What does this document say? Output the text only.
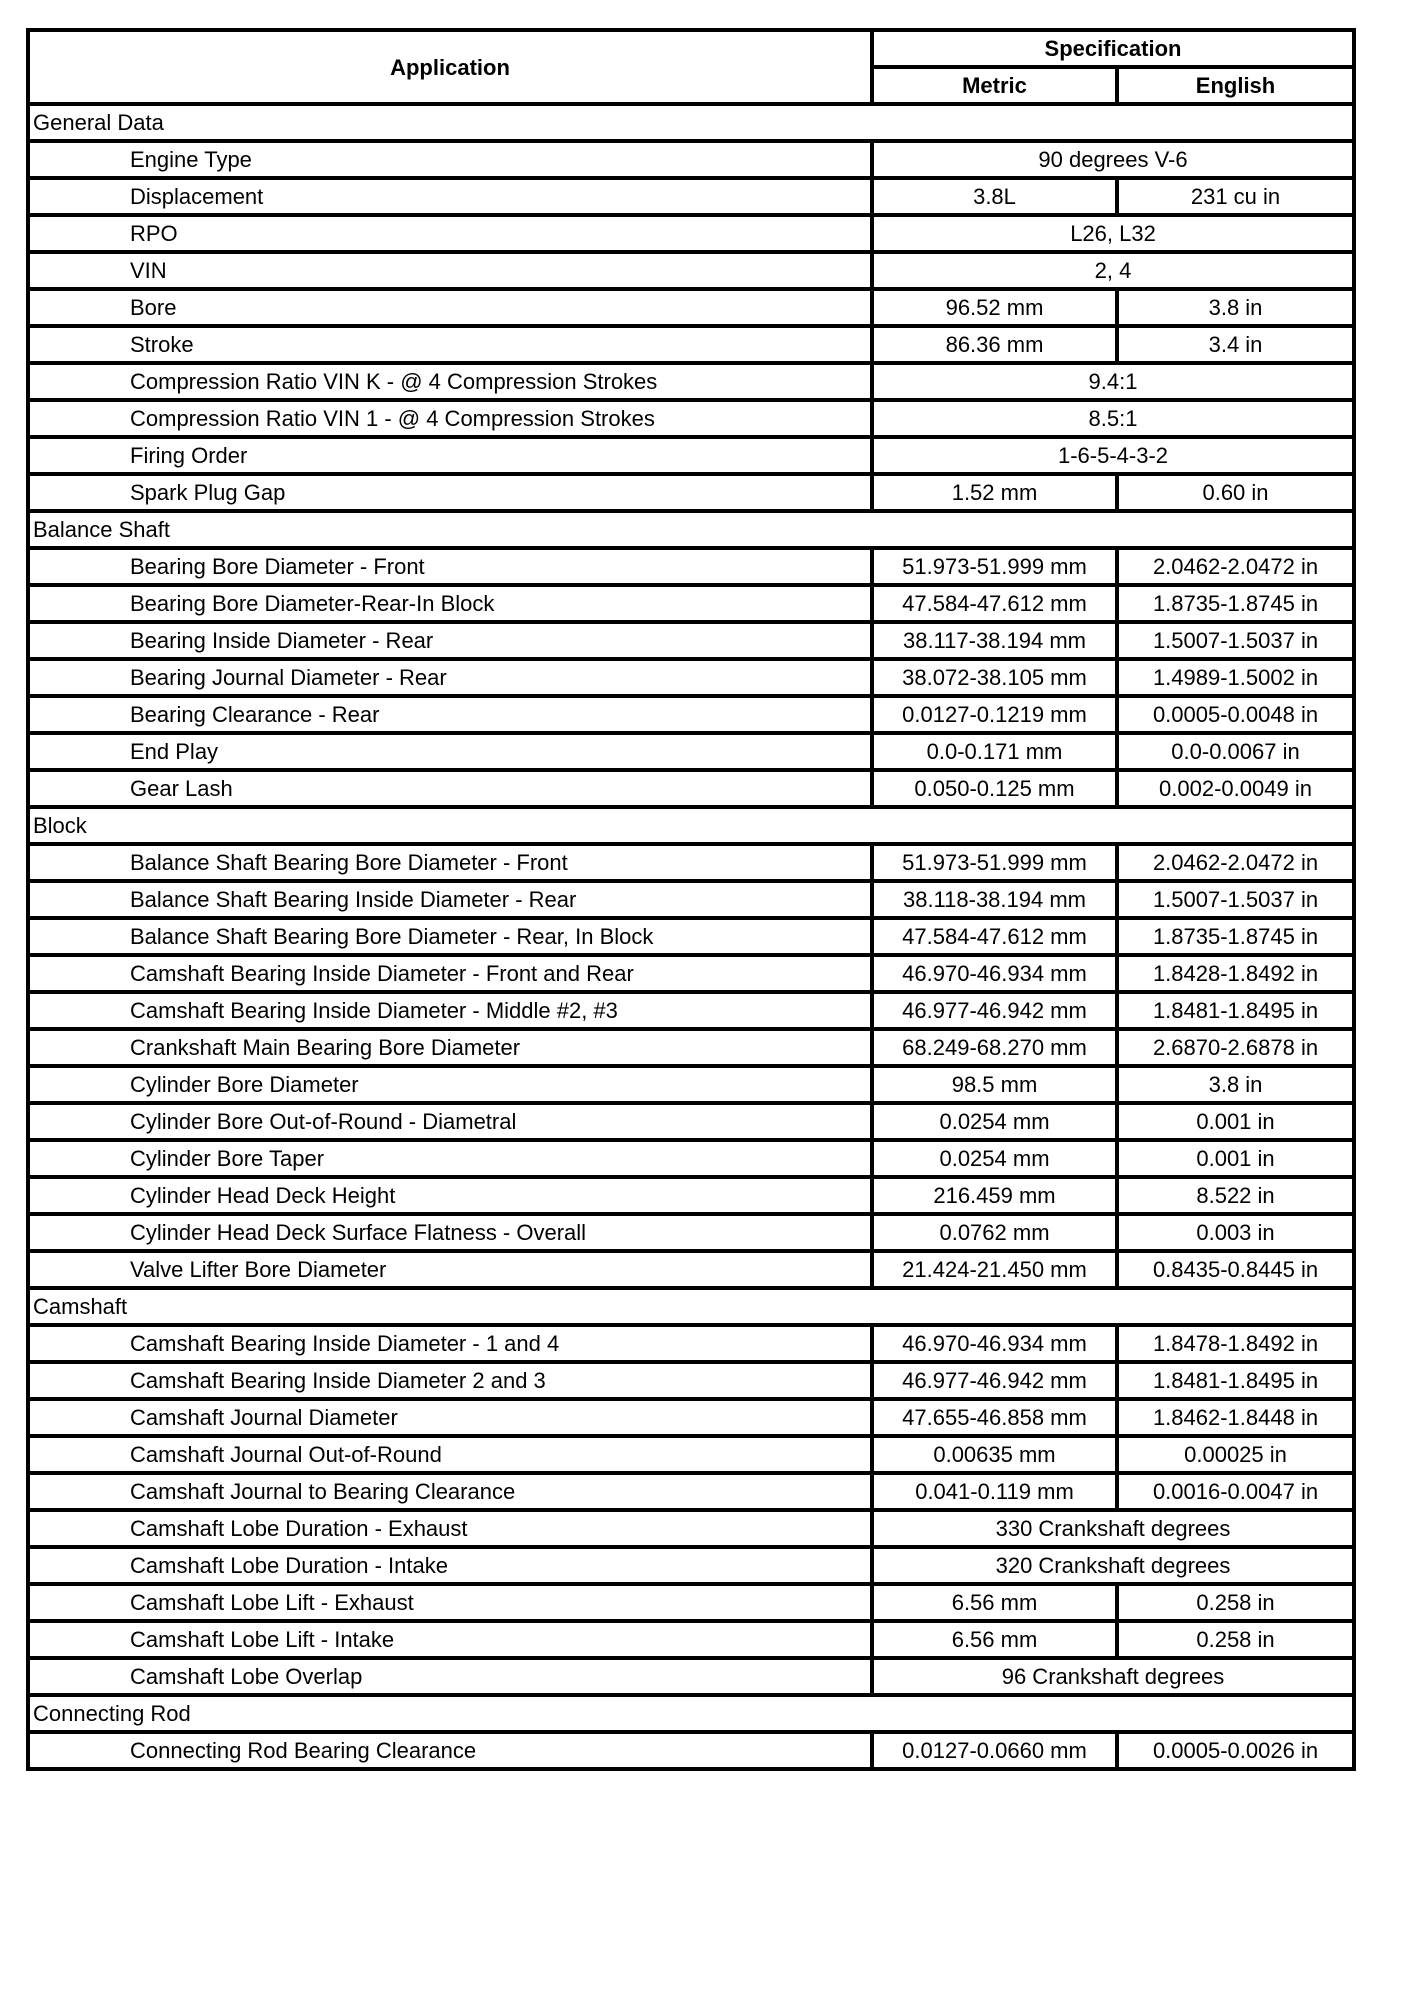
Application	Specification	
	Metric	English
General Data		
Engine Type	90 degrees V-6	
Displacement	3.8L	231 cu in
RPO	L26, L32	
VIN	2, 4	
Bore	96.52 mm	3.8 in
Stroke	86.36 mm	3.4 in
Compression Ratio VIN K - @ 4 Compression Strokes	9.4:1	
Compression Ratio VIN 1 - @ 4 Compression Strokes	8.5:1	
Firing Order	1-6-5-4-3-2	
Spark Plug Gap	1.52 mm	0.60 in
Balance Shaft		
Bearing Bore Diameter - Front	51.973-51.999 mm	2.0462-2.0472 in
Bearing Bore Diameter-Rear-In Block	47.584-47.612 mm	1.8735-1.8745 in
Bearing Inside Diameter - Rear	38.117-38.194 mm	1.5007-1.5037 in
Bearing Journal Diameter - Rear	38.072-38.105 mm	1.4989-1.5002 in
Bearing Clearance - Rear	0.0127-0.1219 mm	0.0005-0.0048 in
End Play	0.0-0.171 mm	0.0-0.0067 in
Gear Lash	0.050-0.125 mm	0.002-0.0049 in
Block		
Balance Shaft Bearing Bore Diameter - Front	51.973-51.999 mm	2.0462-2.0472 in
Balance Shaft Bearing Inside Diameter - Rear	38.118-38.194 mm	1.5007-1.5037 in
Balance Shaft Bearing Bore Diameter - Rear, In Block	47.584-47.612 mm	1.8735-1.8745 in
Camshaft Bearing Inside Diameter - Front and Rear	46.970-46.934 mm	1.8428-1.8492 in
Camshaft Bearing Inside Diameter - Middle #2, #3	46.977-46.942 mm	1.8481-1.8495 in
Crankshaft Main Bearing Bore Diameter	68.249-68.270 mm	2.6870-2.6878 in
Cylinder Bore Diameter	98.5 mm	3.8 in
Cylinder Bore Out-of-Round - Diametral	0.0254 mm	0.001 in
Cylinder Bore Taper	0.0254 mm	0.001 in
Cylinder Head Deck Height	216.459 mm	8.522 in
Cylinder Head Deck Surface Flatness - Overall	0.0762 mm	0.003 in
Valve Lifter Bore Diameter	21.424-21.450 mm	0.8435-0.8445 in
Camshaft		
Camshaft Bearing Inside Diameter - 1 and 4	46.970-46.934 mm	1.8478-1.8492 in
Camshaft Bearing Inside Diameter 2 and 3	46.977-46.942 mm	1.8481-1.8495 in
Camshaft Journal Diameter	47.655-46.858 mm	1.8462-1.8448 in
Camshaft Journal Out-of-Round	0.00635 mm	0.00025 in
Camshaft Journal to Bearing Clearance	0.041-0.119 mm	0.0016-0.0047 in
Camshaft Lobe Duration - Exhaust	330 Crankshaft degrees	
Camshaft Lobe Duration - Intake	320 Crankshaft degrees	
Camshaft Lobe Lift - Exhaust	6.56 mm	0.258 in
Camshaft Lobe Lift - Intake	6.56 mm	0.258 in
Camshaft Lobe Overlap	96 Crankshaft degrees	
Connecting Rod		
Connecting Rod Bearing Clearance	0.0127-0.0660 mm	0.0005-0.0026 in
